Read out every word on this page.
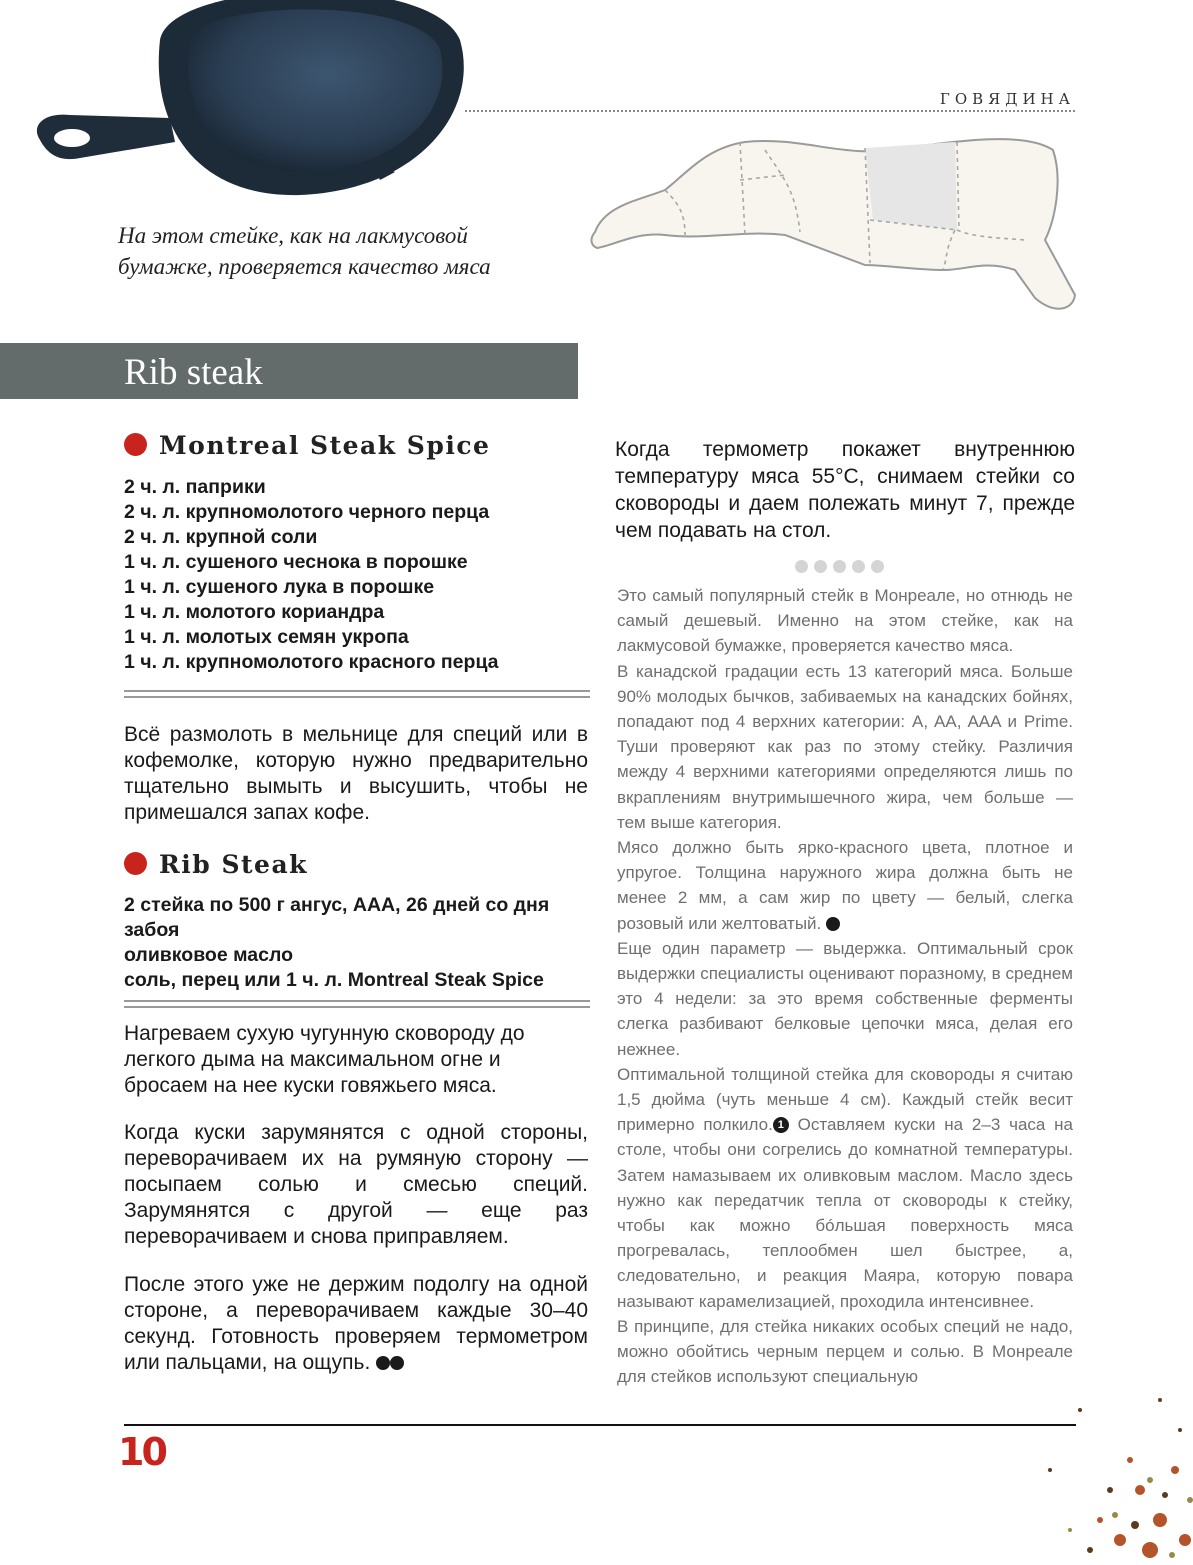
ГОВЯДИНА
На этом стейке, как на лакмусовой бумажке, проверяется качество мяса
Rib steak
Montreal Steak Spice
2 ч. л. паприки
2 ч. л. крупномолотого черного перца
2 ч. л. крупной соли
1 ч. л. сушеного чеснока в порошке
1 ч. л. сушеного лука в порошке
1 ч. л. молотого кориандра
1 ч. л. молотых семян укропа
1 ч. л. крупномолотого красного перца
Всё размолоть в мельнице для специй или в кофемолке, которую нужно предварительно тщательно вымыть и высушить, чтобы не примешался запах кофе.
Rib Steak
2 стейка по 500 г ангус, ААА, 26 дней со дня забоя
оливковое масло
соль, перец или 1 ч. л. Montreal Steak Spice
Нагреваем сухую чугунную сковороду до легкого дыма на максимальном огне и бросаем на нее куски говяжьего мяса.
Когда куски зарумянятся с одной стороны, переворачиваем их на румяную сторону — посыпаем солью и смесью специй. Зарумянятся с другой — еще раз переворачиваем и снова приправляем.
После этого уже не держим подолгу на одной стороне, а переворачиваем каждые 30–40 секунд. Готовность проверяем термометром или пальцами, на ощупь.
Когда термометр покажет внутреннюю температуру мяса 55°C, снимаем стейки со сковороды и даем полежать минут 7, прежде чем подавать на стол.

Это самый популярный стейк в Монреале, но отнюдь не самый дешевый. Именно на этом стейке, как на лакмусовой бумажке, проверяется качество мяса.

В канадской градации есть 13 категорий мяса. Больше 90% молодых бычков, забиваемых на канадских бойнях, попадают под 4 верхних категории: A, AA, AAA и Prime. Туши проверяют как раз по этому стейку. Различия между 4 верхними категориями определяются лишь по вкраплениям внутримышечного жира, чем больше — тем выше категория.

Мясо должно быть ярко-красного цвета, плотное и упругое. Толщина наружного жира должна быть не менее 2 мм, а сам жир по цвету — белый, слегка розовый или желтоватый.

Еще один параметр — выдержка. Оптимальный срок выдержки специалисты оценивают поразному, в среднем это 4 недели: за это время собственные ферменты слегка разбивают белковые цепочки мяса, делая его нежнее.

Оптимальной толщиной стейка для сковороды я считаю 1,5 дюйма (чуть меньше 4 см). Каждый стейк весит примерно полкило. 1 Оставляем куски на 2–3 часа на столе, чтобы они согрелись до комнатной температуры. Затем намазываем их оливковым маслом. Масло здесь нужно как передатчик тепла от сковороды к стейку, чтобы как можно бóльшая поверхность мяса прогревалась, теплообмен шел быстрее, а, следовательно, и реакция Маяра, которую повара называют карамелизацией, проходила интенсивнее.

В принципе, для стейка никаких особых специй не надо, можно обойтись черным перцем и солью. В Монреале для стейков используют специальную

10
